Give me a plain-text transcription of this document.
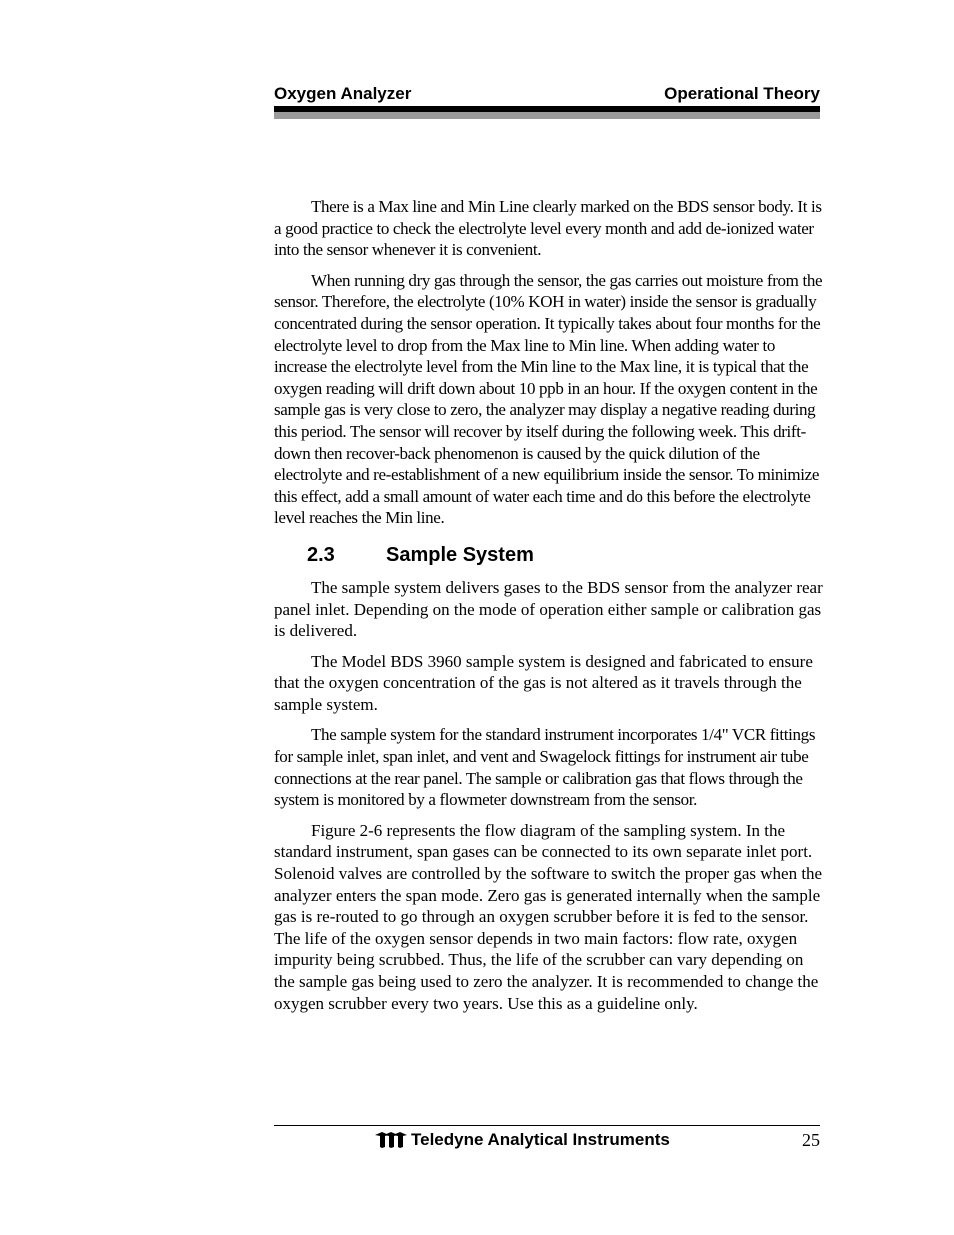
Oxygen Analyzer	Operational Theory

There is a Max line and Min Line clearly marked on the BDS sensor body. It is a good practice to check the electrolyte level every month and add de-ionized water into the sensor whenever it is convenient.

When running dry gas through the sensor, the gas carries out moisture from the sensor. Therefore, the electrolyte (10% KOH in water) inside the sensor is gradually concentrated during the sensor operation. It typically takes about four months for the electrolyte level to drop from the Max line to Min line. When adding water to increase the electrolyte level from the Min line to the Max line, it is typical that the oxygen reading will drift down about 10 ppb in an hour. If the oxygen content in the sample gas is very close to zero, the analyzer may display a negative reading during this period. The sensor will recover by itself during the following week. This drift-down then recover-back phenomenon is caused by the quick dilution of the electrolyte and re-establishment of a new equilibrium inside the sensor. To minimize this effect, add a small amount of water each time and do this before the electrolyte level reaches the Min line.

2.3	Sample System

The sample system delivers gases to the BDS sensor from the analyzer rear panel inlet. Depending on the mode of operation either sample or calibration gas is delivered.

The Model BDS 3960 sample system is designed and fabricated to ensure that the oxygen concentration of the gas is not altered as it travels through the sample system.

The sample system for the standard instrument incorporates 1/4" VCR fittings for sample inlet, span inlet, and vent and Swagelock fittings for instrument air tube connections at the rear panel. The sample or calibration gas that flows through the system is monitored by a flowmeter downstream from the sensor.

Figure 2-6 represents the flow diagram of the sampling system. In the standard instrument, span gases can be connected to its own separate inlet port. Solenoid valves are controlled by the software to switch the proper gas when the analyzer enters the span mode. Zero gas is generated internally when the sample gas is re-routed to go through an oxygen scrubber before it is fed to the sensor. The life of the oxygen sensor depends in two main factors: flow rate, oxygen impurity being scrubbed. Thus, the life of the scrubber can vary depending on the sample gas being used to zero the analyzer. It is recommended to change the oxygen scrubber every two years. Use this as a guideline only.

Teledyne Analytical Instruments	25
